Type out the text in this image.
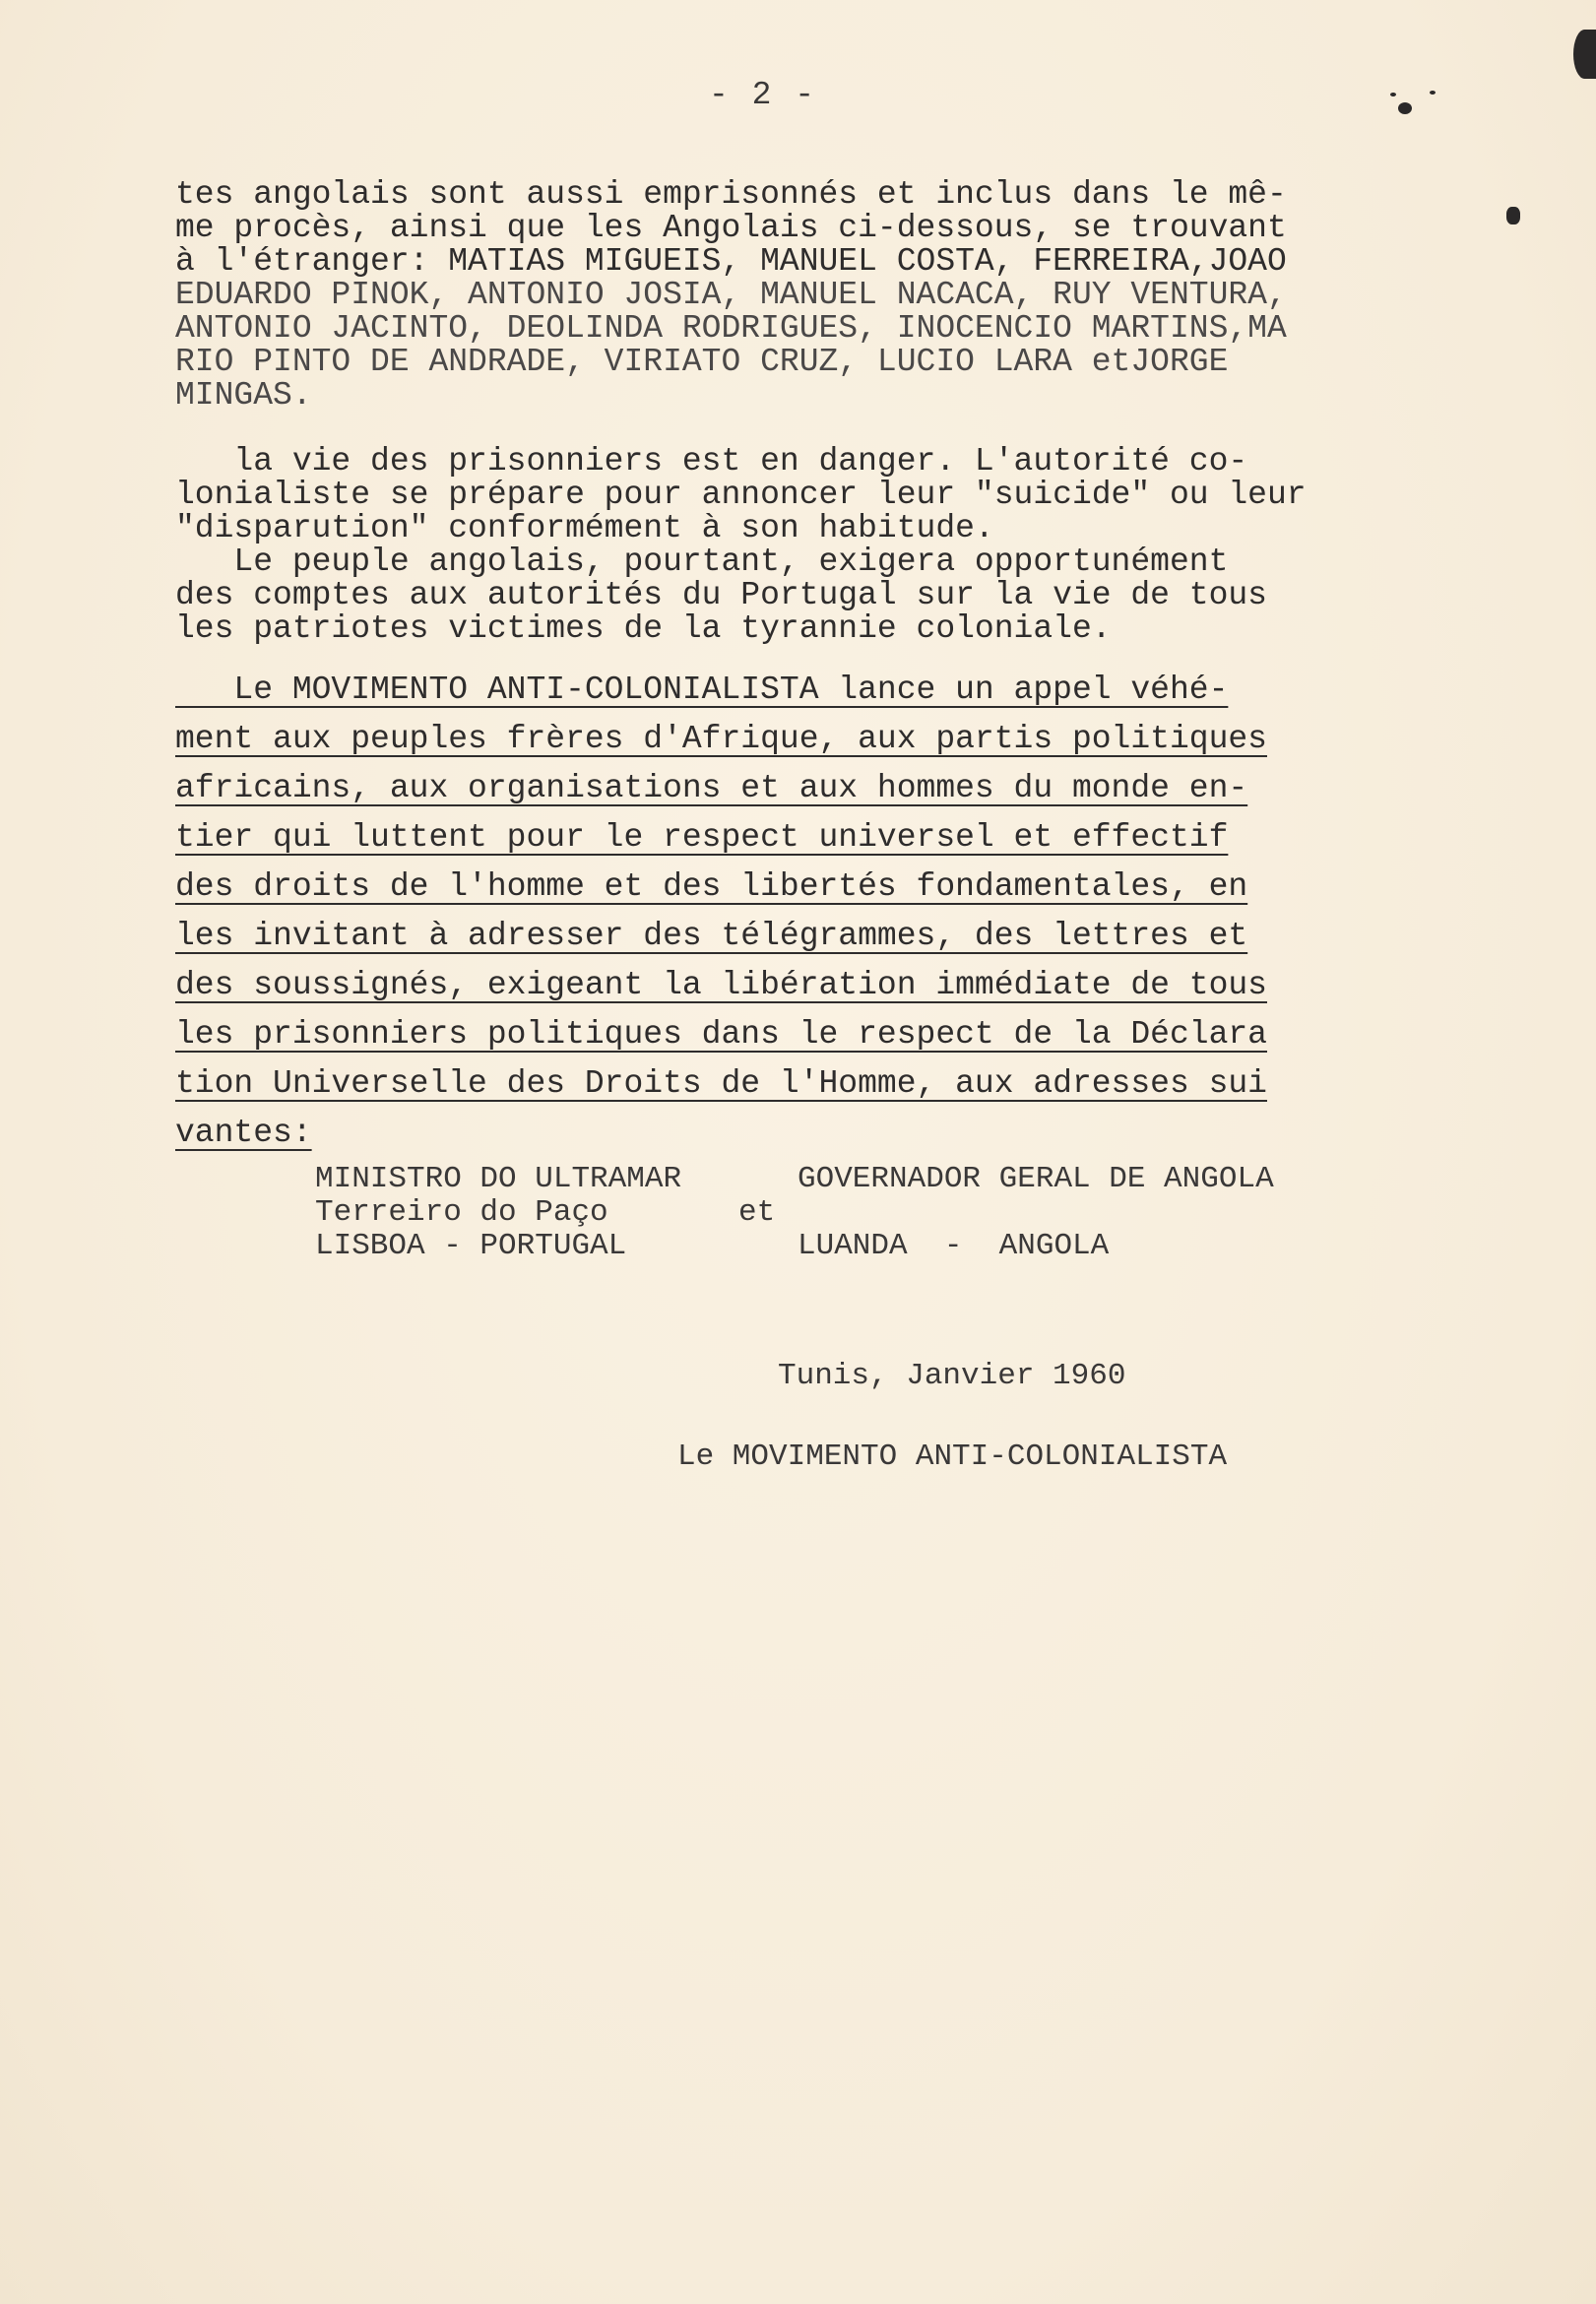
- 2 -
tes angolais sont aussi emprisonnés et inclus dans le mê-
me procès, ainsi que les Angolais ci-dessous, se trouvant
à l'étranger: MATIAS MIGUEIS, MANUEL COSTA, FERREIRA,JOAO
EDUARDO PINOK, ANTONIO JOSIA, MANUEL NACACA, RUY VENTURA,
ANTONIO JACINTO, DEOLINDA RODRIGUES, INOCENCIO MARTINS,MA
RIO PINTO DE ANDRADE, VIRIATO CRUZ, LUCIO LARA etJORGE
MINGAS.
la vie des prisonniers est en danger. L'autorité co-
lonialiste se prépare pour annoncer leur "suicide" ou leur
"disparution" conformément à son habitude.
Le peuple angolais, pourtant, exigera opportunément
des comptes aux autorités du Portugal sur la vie de tous
les patriotes victimes de la tyrannie coloniale.
Le MOVIMENTO ANTI-COLONIALISTA lance un appel véhé-
ment aux peuples frères d'Afrique, aux partis politiques
africains, aux organisations et aux hommes du monde en-
tier qui luttent pour le respect universel et effectif
des droits de l'homme et des libertés fondamentales, en
les invitant à adresser des télégrammes, des lettres et
des soussignés, exigeant la libération immédiate de tous
les prisonniers politiques dans le respect de la Déclara
tion Universelle des Droits de l'Homme, aux adresses sui
vantes:
MINISTRO DO ULTRAMAR
Terreiro do Paço
LISBOA - PORTUGAL
et
GOVERNADOR GERAL DE ANGOLA
LUANDA  -  ANGOLA
Tunis, Janvier 1960
Le MOVIMENTO ANTI-COLONIALISTA
